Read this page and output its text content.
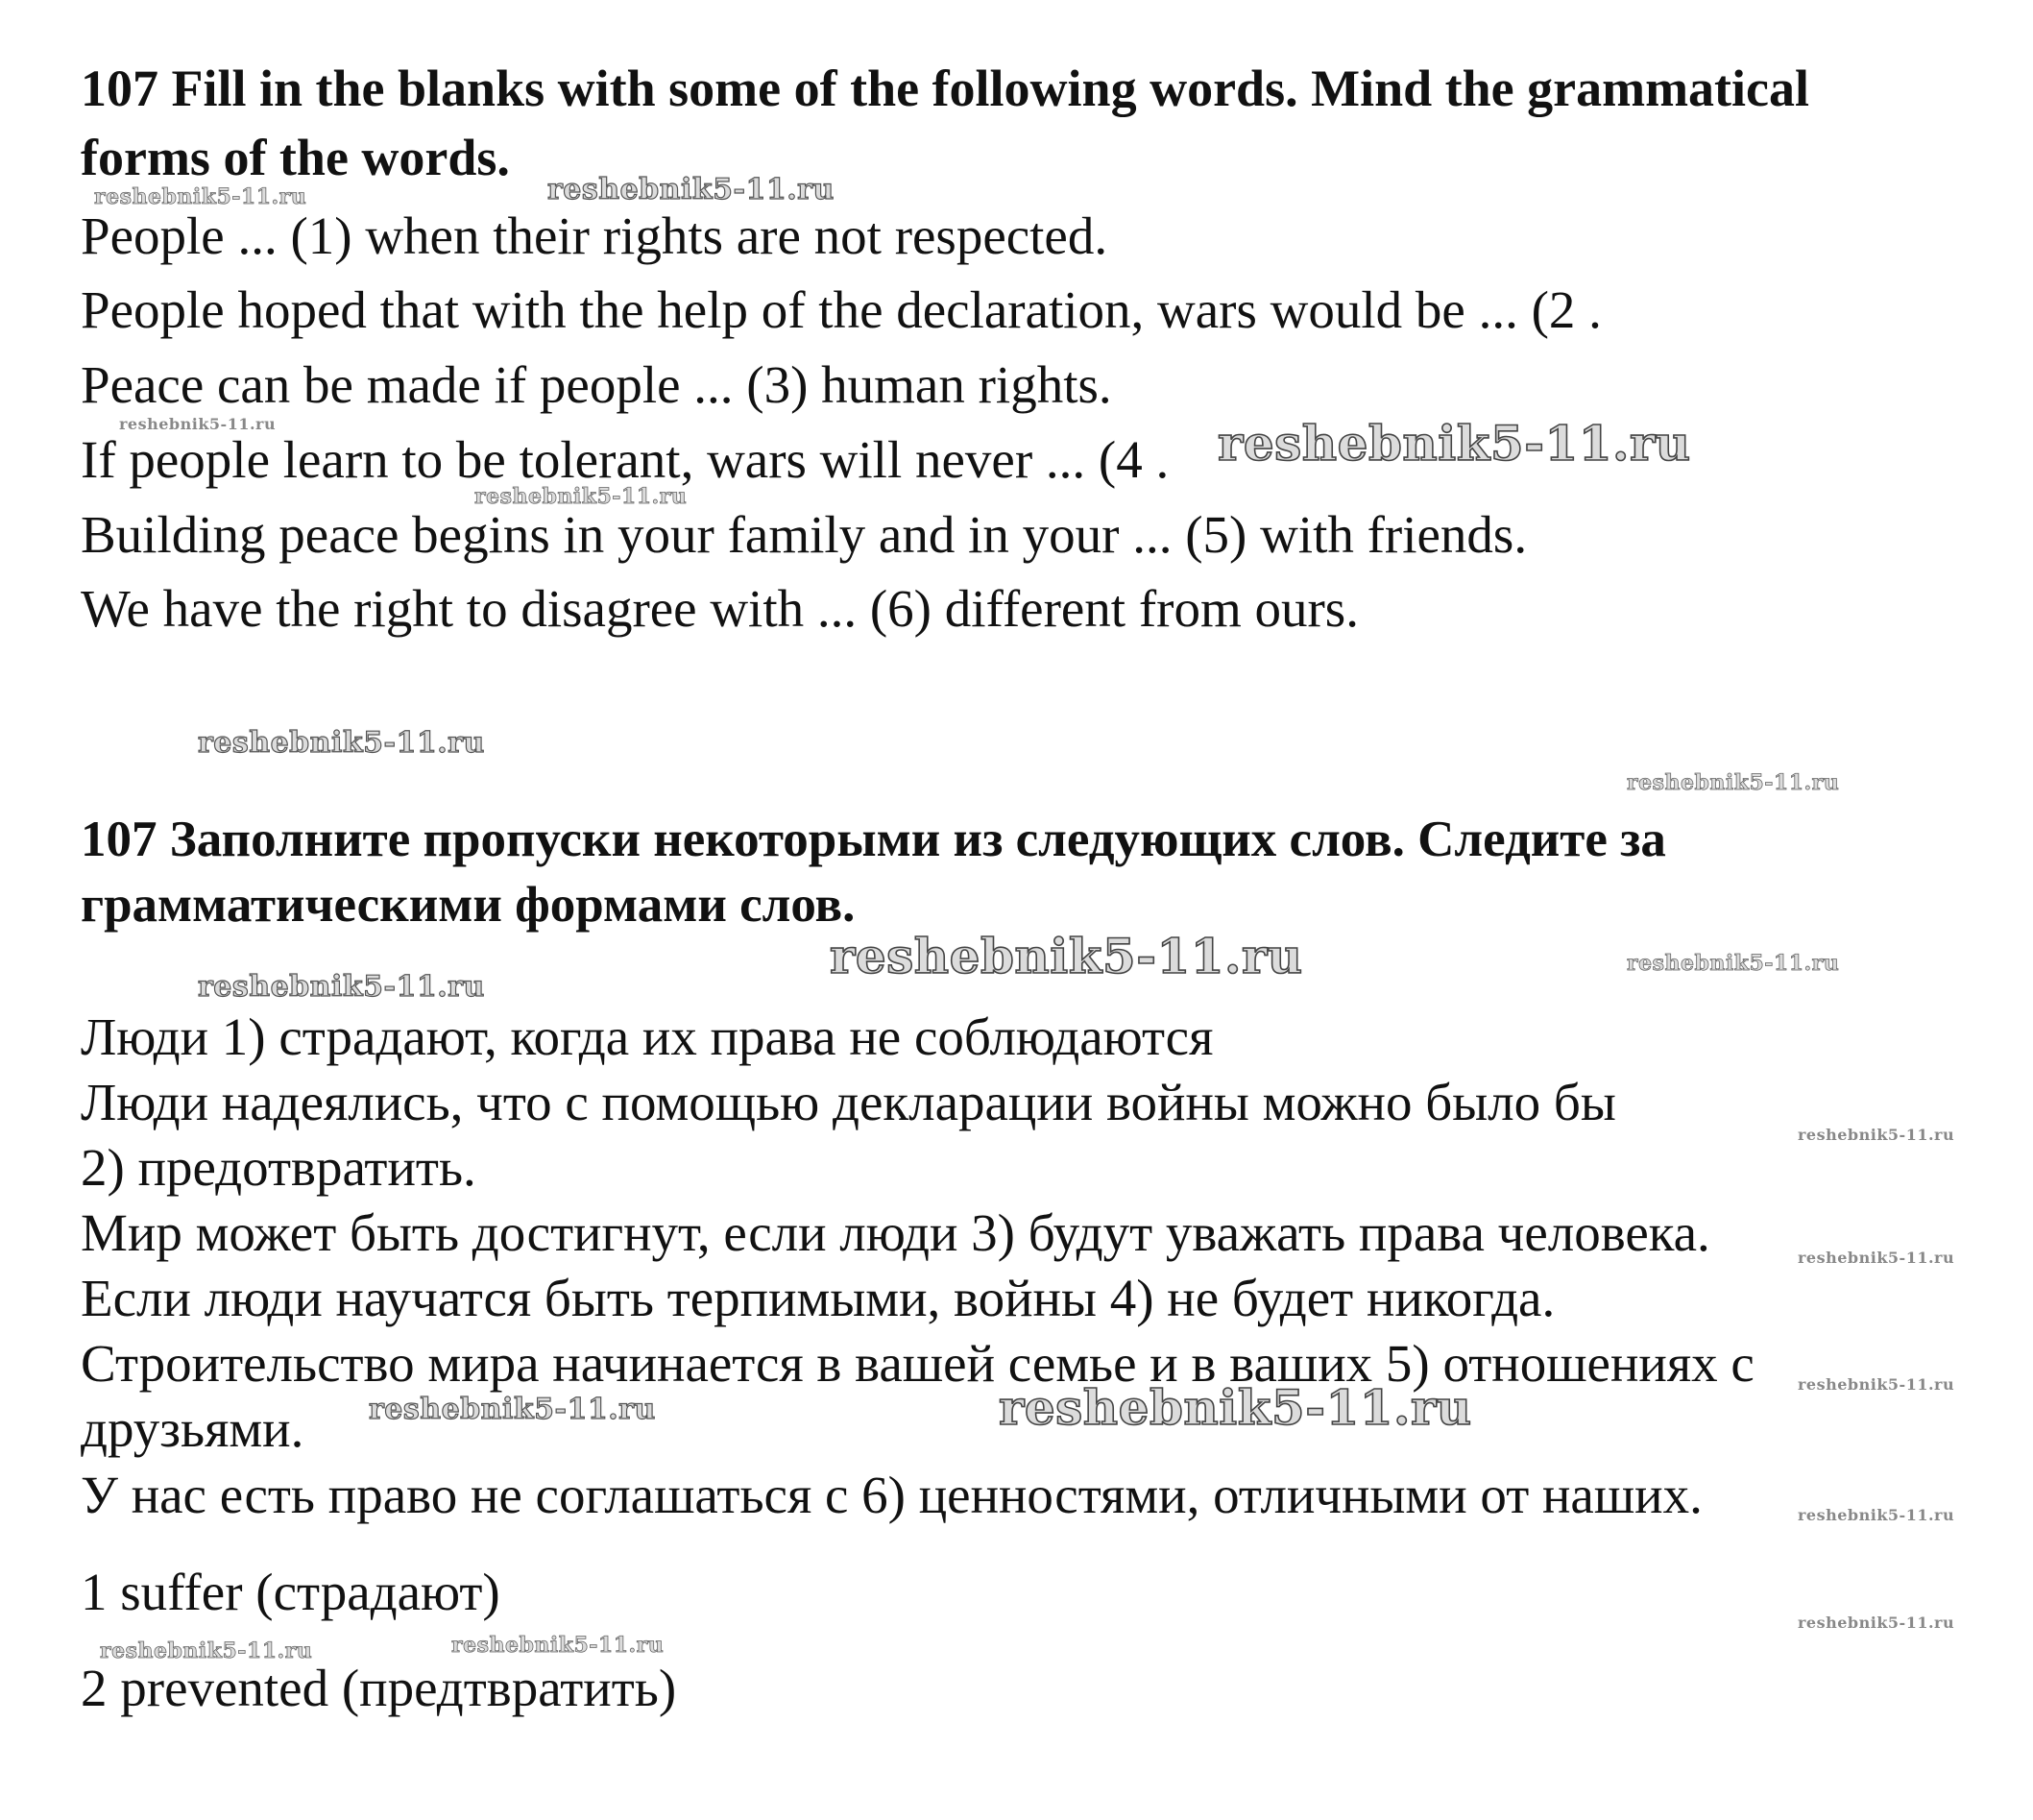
107 Fill in the blanks with some of the following words. Mind the grammatical
forms of the words.

People ... (1) when their rights are not respected.

People hoped that with the help of the declaration, wars would be ... (2 .

Peace can be made if people ... (3) human rights.

If people learn to be tolerant, wars will never ... (4 .

Building peace begins in your family and in your ... (5) with friends.

We have the right to disagree with ... (6) different from ours.

107 Заполните пропуски некоторыми из следующих слов. Следите за
грамматическими формами слов.

Люди 1) страдают, когда их права не соблюдаются

Люди надеялись, что с помощью декларации войны можно было бы

2) предотвратить.

Мир может быть достигнут, если люди 3) будут уважать права человека.

Если люди научатся быть терпимыми, войны 4) не будет никогда.

Строительство мира начинается в вашей семье и в ваших 5) отношениях с

друзьями.

У нас есть право не соглашаться с 6) ценностями, отличными от наших.

1 suffer (страдают)

2 prevented (предтвратить)

reshebnik5-11.ru	reshebnik5-11.ru
reshebnik5-11.ru	reshebnik5-11.ru
reshebnik5-11.ru
reshebnik5-11.ru
reshebnik5-11.ru
reshebnik5-11.ru
reshebnik5-11.ru
reshebnik5-11.ru
reshebnik5-11.ru
reshebnik5-11.ru
reshebnik5-11.ru	reshebnik5-11.ru	reshebnik5-11.ru
reshebnik5-11.ru
reshebnik5-11.ru
reshebnik5-11.ru	reshebnik5-11.ru
